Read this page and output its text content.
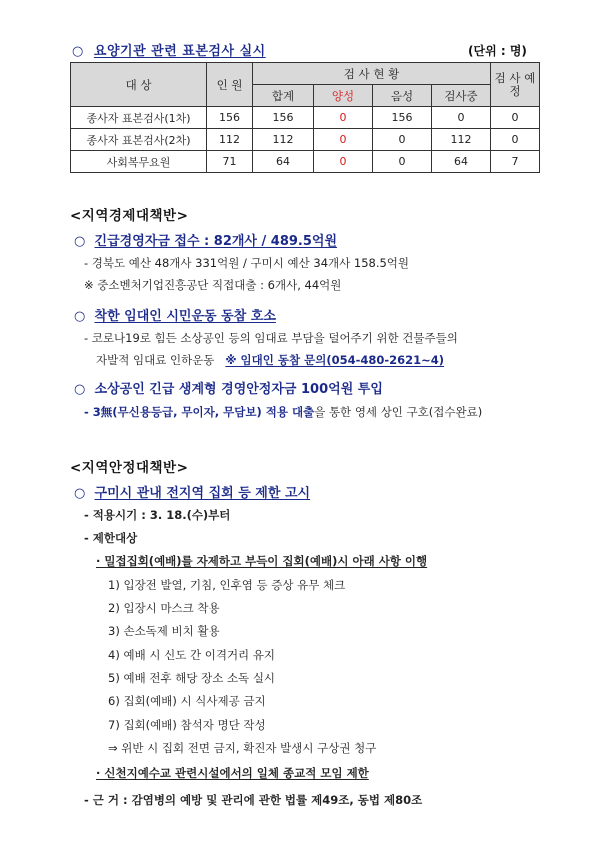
○  요양기관 관련 표본검사 실시	(단위 : 명)
대 상	인 원	검 사 현 황				검 사 예 정
		합계	양성	음성	검사중	
종사자 표본검사(1차)	156	156	0	156	0	0
종사자 표본검사(2차)	112	112	0	0	112	0
사회복무요원	71	64	0	0	64	7
<지역경제대책반>
○ 긴급경영자금 접수 : 82개사 / 489.5억원
- 경북도 예산 48개사 331억원 / 구미시 예산 34개사 158.5억원
※ 중소벤처기업진흥공단 직접대출 : 6개사, 44억원
○ 착한 임대인 시민운동 동참 호소
- 코로나19로 힘든 소상공인 등의 임대료 부담을 덜어주기 위한 건물주들의
자발적 임대료 인하운동 ※ 임대인 동참 문의(054-480-2621~4)
○ 소상공인 긴급 생계형 경영안정자금 100억원 투입
- 3無(무신용등급, 무이자, 무담보) 적용 대출을 통한 영세 상인 구호(접수완료)
<지역안정대책반>
○ 구미시 관내 전지역 집회 등 제한 고시
- 적용시기 : 3. 18.(수)부터
- 제한대상
· 밀접집회(예배)를 자제하고 부득이 집회(예배)시 아래 사항 이행
1) 입장전 발열, 기침, 인후염 등 증상 유무 체크
2) 입장시 마스크 착용
3) 손소독제 비치 활용
4) 예배 시 신도 간 이격거리 유지
5) 예배 전후 해당 장소 소독 실시
6) 집회(예배) 시 식사제공 금지
7) 집회(예배) 참석자 명단 작성
⇒ 위반 시 집회 전면 금지, 확진자 발생시 구상권 청구
· 신천지예수교 관련시설에서의 일체 종교적 모임 제한
- 근 거 : 감염병의 예방 및 관리에 관한 법률 제49조, 동법 제80조
